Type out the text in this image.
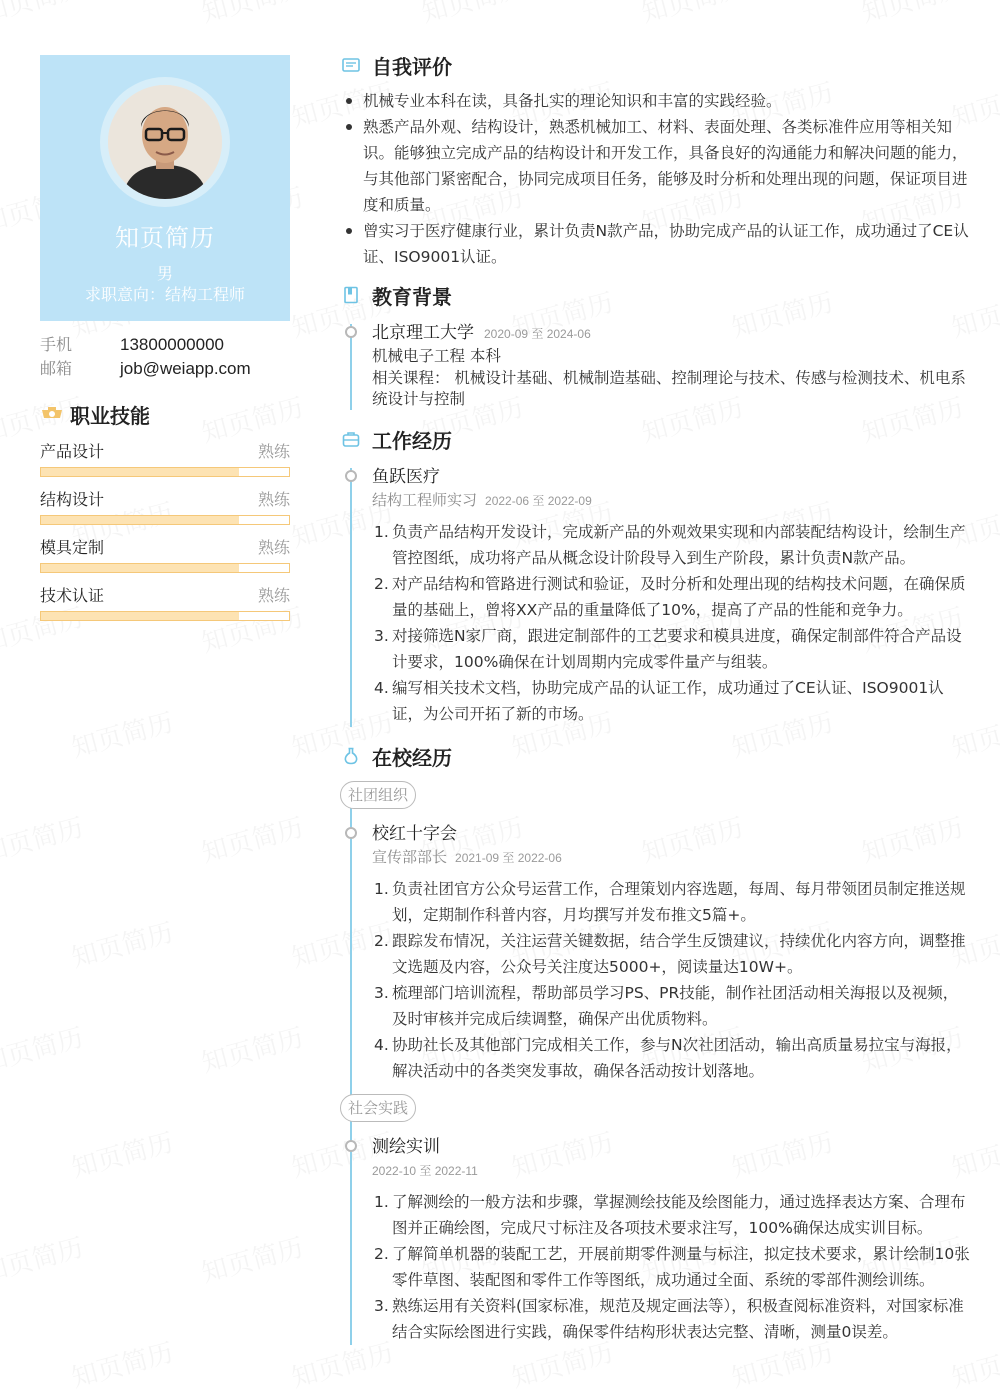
知页简历
男
求职意向：结构工程师
手机	13800000000
邮箱	job@weiapp.com
职业技能
产品设计	熟练
结构设计	熟练
模具定制	熟练
技术认证	熟练
自我评价
机械专业本科在读，具备扎实的理论知识和丰富的实践经验。
熟悉产品外观、结构设计，熟悉机械加工、材料、表面处理、各类标准件应用等相关知识。能够独立完成产品的结构设计和开发工作，具备良好的沟通能力和解决问题的能力，与其他部门紧密配合，协同完成项目任务，能够及时分析和处理出现的问题，保证项目进度和质量。
曾实习于医疗健康行业，累计负责N款产品，协助完成产品的认证工作，成功通过了CE认证、ISO9001认证。
教育背景
北京理工大学 2020-09 至 2024-06
机械电子工程 本科
相关课程： 机械设计基础、机械制造基础、控制理论与技术、传感与检测技术、机电系统设计与控制
工作经历
鱼跃医疗
结构工程师实习 2022-06 至 2022-09
1. 负责产品结构开发设计，完成新产品的外观效果实现和内部装配结构设计，绘制生产管控图纸，成功将产品从概念设计阶段导入到生产阶段，累计负责N款产品。
2. 对产品结构和管路进行测试和验证，及时分析和处理出现的结构技术问题，在确保质量的基础上，曾将XX产品的重量降低了10%，提高了产品的性能和竞争力。
3. 对接筛选N家厂商，跟进定制部件的工艺要求和模具进度，确保定制部件符合产品设计要求，100%确保在计划周期内完成零件量产与组装。
4. 编写相关技术文档，协助完成产品的认证工作，成功通过了CE认证、ISO9001认证，为公司开拓了新的市场。
在校经历
社团组织
校红十字会
宣传部部长 2021-09 至 2022-06
1. 负责社团官方公众号运营工作，合理策划内容选题，每周、每月带领团员制定推送规划，定期制作科普内容，月均撰写并发布推文5篇+。
2. 跟踪发布情况，关注运营关键数据，结合学生反馈建议，持续优化内容方向，调整推文选题及内容，公众号关注度达5000+，阅读量达10W+。
3. 梳理部门培训流程，帮助部员学习PS、PR技能，制作社团活动相关海报以及视频，及时审核并完成后续调整，确保产出优质物料。
4. 协助社长及其他部门完成相关工作，参与N次社团活动，输出高质量易拉宝与海报，解决活动中的各类突发事故，确保各活动按计划落地。
社会实践
测绘实训
2022-10 至 2022-11
1. 了解测绘的一般方法和步骤，掌握测绘技能及绘图能力，通过选择表达方案、合理布图并正确绘图，完成尺寸标注及各项技术要求注写，100%确保达成实训目标。
2. 了解简单机器的装配工艺，开展前期零件测量与标注，拟定技术要求，累计绘制10张零件草图、装配图和零件工作等图纸，成功通过全面、系统的零部件测绘训练。
3. 熟练运用有关资料(国家标准，规范及规定画法等），积极查阅标准资料，对国家标准结合实际绘图进行实践，确保零件结构形状表达完整、清晰，测量0误差。
